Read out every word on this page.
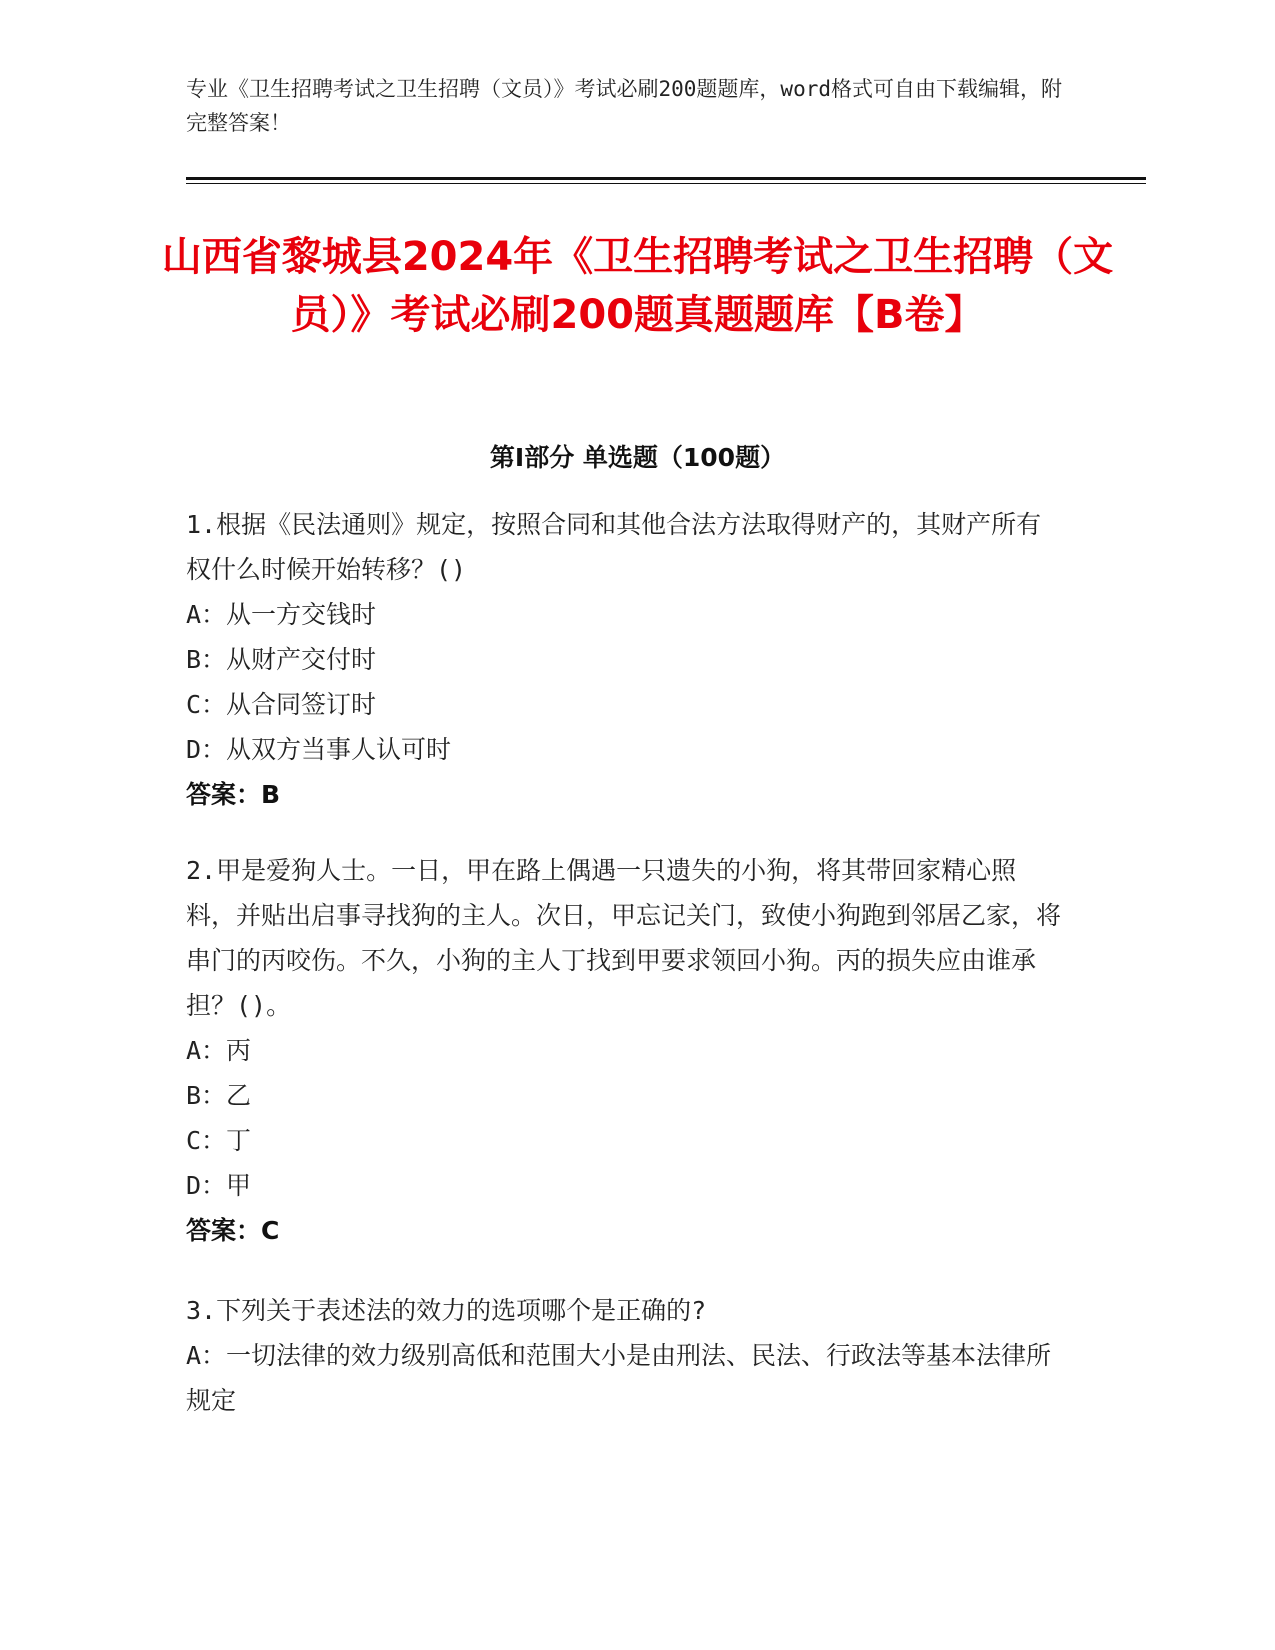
专业《卫生招聘考试之卫生招聘（文员）》考试必刷200题题库，word格式可自由下载编辑，附完整答案！
山西省黎城县2024年《卫生招聘考试之卫生招聘（文员）》考试必刷200题真题题库【B卷】
第I部分 单选题（100题）

1.根据《民法通则》规定，按照合同和其他合法方法取得财产的，其财产所有权什么时候开始转移？()

A：从一方交钱时

B：从财产交付时

C：从合同签订时

D：从双方当事人认可时

答案：B

2.甲是爱狗人士。一日，甲在路上偶遇一只遗失的小狗，将其带回家精心照料，并贴出启事寻找狗的主人。次日，甲忘记关门，致使小狗跑到邻居乙家，将串门的丙咬伤。不久，小狗的主人丁找到甲要求领回小狗。丙的损失应由谁承担？()。

A：丙

B：乙

C：丁

D：甲

答案：C

3.下列关于表述法的效力的选项哪个是正确的?

A：一切法律的效力级别高低和范围大小是由刑法、民法、行政法等基本法律所规定
